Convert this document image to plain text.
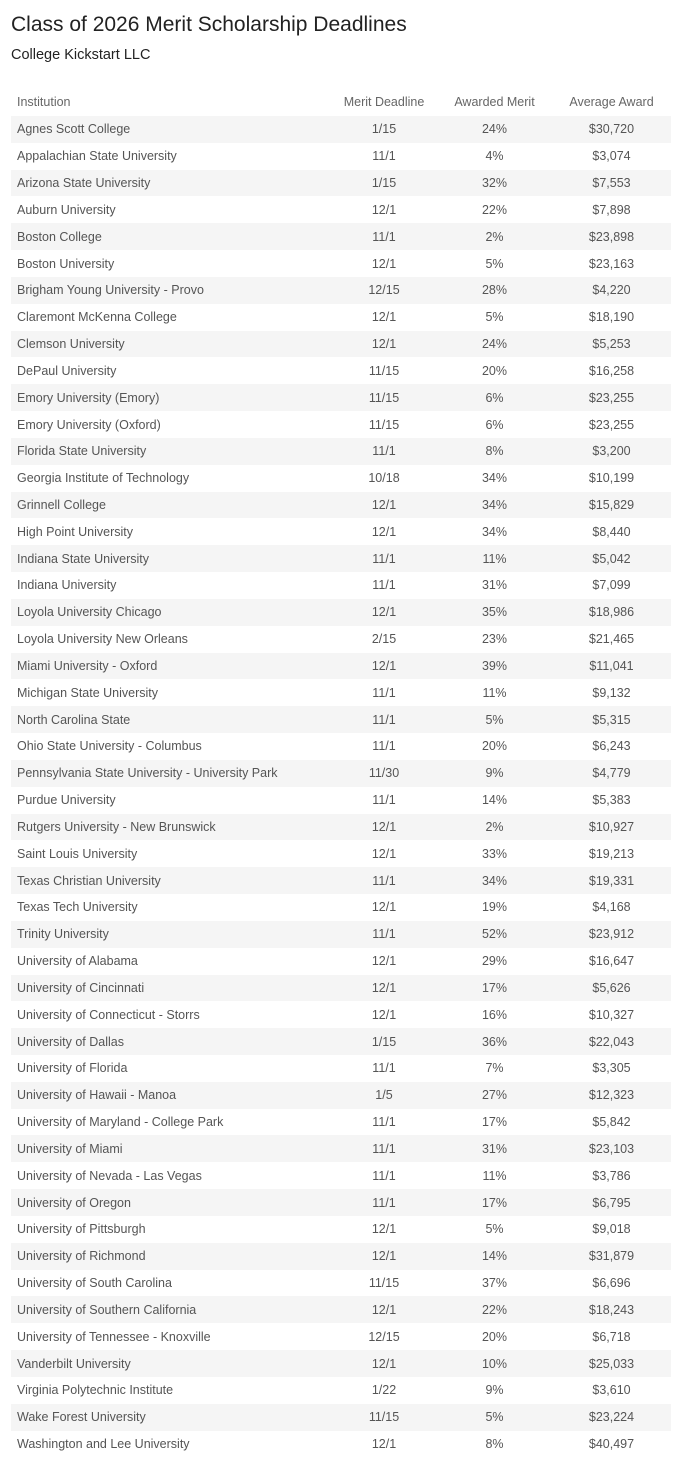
Class of 2026 Merit Scholarship Deadlines
College Kickstart LLC
Institution	Merit Deadline	Awarded Merit	Average Award
Agnes Scott College	1/15	24%	$30,720
Appalachian State University	11/1	4%	$3,074
Arizona State University	1/15	32%	$7,553
Auburn University	12/1	22%	$7,898
Boston College	11/1	2%	$23,898
Boston University	12/1	5%	$23,163
Brigham Young University - Provo	12/15	28%	$4,220
Claremont McKenna College	12/1	5%	$18,190
Clemson University	12/1	24%	$5,253
DePaul University	11/15	20%	$16,258
Emory University (Emory)	11/15	6%	$23,255
Emory University (Oxford)	11/15	6%	$23,255
Florida State University	11/1	8%	$3,200
Georgia Institute of Technology	10/18	34%	$10,199
Grinnell College	12/1	34%	$15,829
High Point University	12/1	34%	$8,440
Indiana State University	11/1	11%	$5,042
Indiana University	11/1	31%	$7,099
Loyola University Chicago	12/1	35%	$18,986
Loyola University New Orleans	2/15	23%	$21,465
Miami University - Oxford	12/1	39%	$11,041
Michigan State University	11/1	11%	$9,132
North Carolina State	11/1	5%	$5,315
Ohio State University - Columbus	11/1	20%	$6,243
Pennsylvania State University - University Park	11/30	9%	$4,779
Purdue University	11/1	14%	$5,383
Rutgers University - New Brunswick	12/1	2%	$10,927
Saint Louis University	12/1	33%	$19,213
Texas Christian University	11/1	34%	$19,331
Texas Tech University	12/1	19%	$4,168
Trinity University	11/1	52%	$23,912
University of Alabama	12/1	29%	$16,647
University of Cincinnati	12/1	17%	$5,626
University of Connecticut - Storrs	12/1	16%	$10,327
University of Dallas	1/15	36%	$22,043
University of Florida	11/1	7%	$3,305
University of Hawaii - Manoa	1/5	27%	$12,323
University of Maryland - College Park	11/1	17%	$5,842
University of Miami	11/1	31%	$23,103
University of Nevada - Las Vegas	11/1	11%	$3,786
University of Oregon	11/1	17%	$6,795
University of Pittsburgh	12/1	5%	$9,018
University of Richmond	12/1	14%	$31,879
University of South Carolina	11/15	37%	$6,696
University of Southern California	12/1	22%	$18,243
University of Tennessee - Knoxville	12/15	20%	$6,718
Vanderbilt University	12/1	10%	$25,033
Virginia Polytechnic Institute	1/22	9%	$3,610
Wake Forest University	11/15	5%	$23,224
Washington and Lee University	12/1	8%	$40,497
